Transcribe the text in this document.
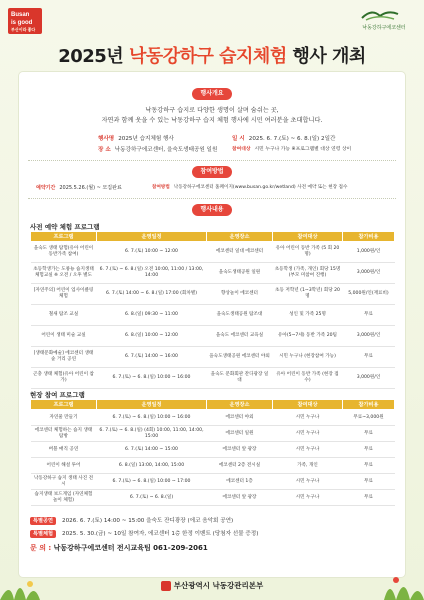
Busan
is good
부산이라 좋다	낙동강하구에코센터
2025년 낙동강하구 습지체험 행사 개최
행사개요
낙동강하구 습지로 다양한 생명이 살며 숨쉬는 곳,
자연과 함께 웃을 수 있는 낙동강하구 습지 체험 행사에 시민 여러분을 초대합니다.
행사명 2025년 습지체험 행사	일 시 2025. 6. 7.(토) ~ 6. 8.(일) 2일간
장 소 낙동강하구에코센터, 을숙도생태공원 일원	참여대상 시민 누구나 가능 ※프로그램별 대상 연령 상이
참여방법
예약기간 2025.5.26.(월) ~ 모집완료	참여방법 낙동강하구에코센터 홈페이지(www.busan.go.kr/wetland) 사전 예약 또는 현장 접수
행사내용
사전 예약 체험 프로그램
프로그램	운영일정	운영장소	참여대상	참가비용
을숙도 생태 탐험(유아 어린이 동반가족 참여)	6. 7.(토) 10:00 ~ 12:00	에코센터 일대 에코센터	유아 어린이 동반 가족 (5 회 20명)	1,000원/인
초등학생가는 도룡뇽 습지생태 체험교실 ※ 오전 / 오후 별도	6. 7.(토) ~ 6. 8.(일) 오전 10:00, 11:00 / 13:00, 14:00	을숙도생태공원 일원	초등학생 (가족, 개인) 회당 15명(부모 미참여 진행)	3,000원/인
[자연주의] 어린이 업사이클링 체험	6. 7.(토) 14:00 ~ 6. 8.(일) 17:00 (회차별)	향상놀이 에코센터	초등 저학년 (1~3학년) 회당 20명	5,000원/인(재료비)
철새 탐조 교실	6. 8.(일) 09:30 ~ 11:00	을숙도생태공원 탐조대	성인 및 가족 25명	무료
어린이 생태 미술 교실	6. 8.(일) 10:00 ~ 12:00	을숙도 에코센터 교육실	유아(5~7세) 동반 가족 20팀	3,000원/인
[생태문화예술] 에코센터 생태 숲 거리 공연	6. 7.(토) 14:00 ~ 16:00	을숙도생태공원 에코센터 야외	시민 누구나 (현장참여 가능)	무료
곤충 생태 체험(유아 어린이 참가)	6. 7.(토) ~ 6. 8.(일) 10:00 ~ 16:00	을숙도 문화회관 잔디광장 일대	유아 어린이 동반 가족 (현장 접수)	3,000원/인
현장 참여 프로그램
프로그램	운영일정	운영장소	참여대상	참가비용
자연물 만들기	6. 7.(토) ~ 6. 8.(일) 10:00 ~ 16:00	에코센터 야외	시민 누구나	무료~3,000원
에코센터 체험하는 습지 생태 탐방	6. 7.(토) ~ 6. 8.(일) (4회) 10:00, 11:00, 14:00, 15:00	에코센터 일원	시민 누구나	무료
버블 매직 공연	6. 7.(토) 14:00 ~ 15:00	에코센터 앞 광장	시민 누구나	무료
어린이 해설 투어	6. 8.(일) 13:00, 14:00, 15:00	에코센터 2층 전시실	가족, 개인	무료
낙동강하구 습지 생태 사진 전시	6. 7.(토) ~ 6. 8.(일) 10:00 ~ 17:00	에코센터 1층	시민 누구나	무료
습지생태 보드게임 (자연체험 놀이 체험)	6. 7.(토) ~ 6. 8.(일)	에코센터 앞 광장	시민 누구나	무료
특별공연 2026. 6. 7.(토) 14:00 ~ 15:00 을숙도 잔디광장 (에코 음악회 공연)
특별체험 2025. 5. 30.(금) ~ 10일 참여자, 에코센터 1층 한정 이벤트 (당첨자 선물 증정)
문 의 : 낙동강하구에코센터 전시교육팀 061-209-2061
부산광역시 낙동강관리본부
